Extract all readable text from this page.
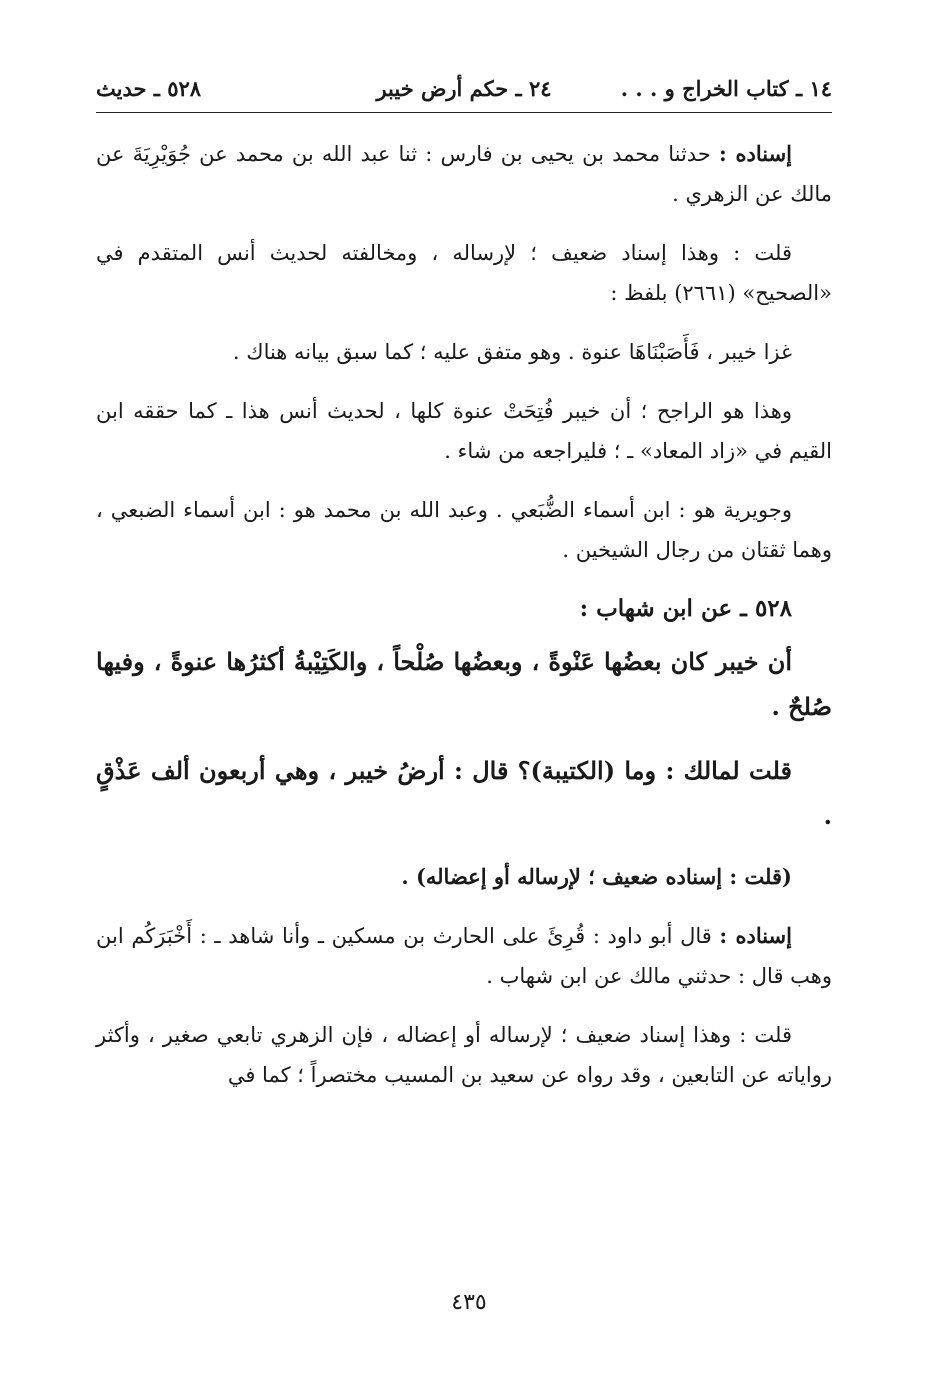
١٤ ـ كتاب الخراج و . . .
٢٤ ـ حكم أرض خيبر
٥٢٨ ـ حديث

إسناده : حدثنا محمد بن يحيى بن فارس : ثنا عبد الله بن محمد عن جُوَيْرِيَةَ عن مالك عن الزهري .

قلت : وهذا إسناد ضعيف ؛ لإرساله ، ومخالفته لحديث أنس المتقدم في «الصحيح» (٢٦٦١) بلفظ :

غزا خيبر ، فَأَصَبْنَاهَا عنوة . وهو متفق عليه ؛ كما سبق بيانه هناك .

وهذا هو الراجح ؛ أن خيبر فُتِحَتْ عنوة كلها ، لحديث أنس هذا ـ كما حققه ابن القيم في «زاد المعاد» ـ ؛ فليراجعه من شاء .

وجويرية هو : ابن أسماء الضُّبَعي . وعبد الله بن محمد هو : ابن أسماء الضبعي ، وهما ثقتان من رجال الشيخين .

٥٢٨ ـ عن ابن شهاب :

أن خيبر كان بعضُها عَنْوةً ، وبعضُها صُلْحاً ، والكَتِيْبةُ أكثرُها عنوةً ، وفيها صُلحٌ .

قلت لمالك : وما (الكتيبة)؟ قال : أرضُ خيبر ، وهي أربعون ألف عَذْقٍ .

(قلت : إسناده ضعيف ؛ لإرساله أو إعضاله) .

إسناده : قال أبو داود : قُرِئَ على الحارث بن مسكين ـ وأنا شاهد ـ : أَخْبَرَكُم ابن وهب قال : حدثني مالك عن ابن شهاب .

قلت : وهذا إسناد ضعيف ؛ لإرساله أو إعضاله ، فإن الزهري تابعي صغير ، وأكثر رواياته عن التابعين ، وقد رواه عن سعيد بن المسيب مختصراً ؛ كما في

٤٣٥
